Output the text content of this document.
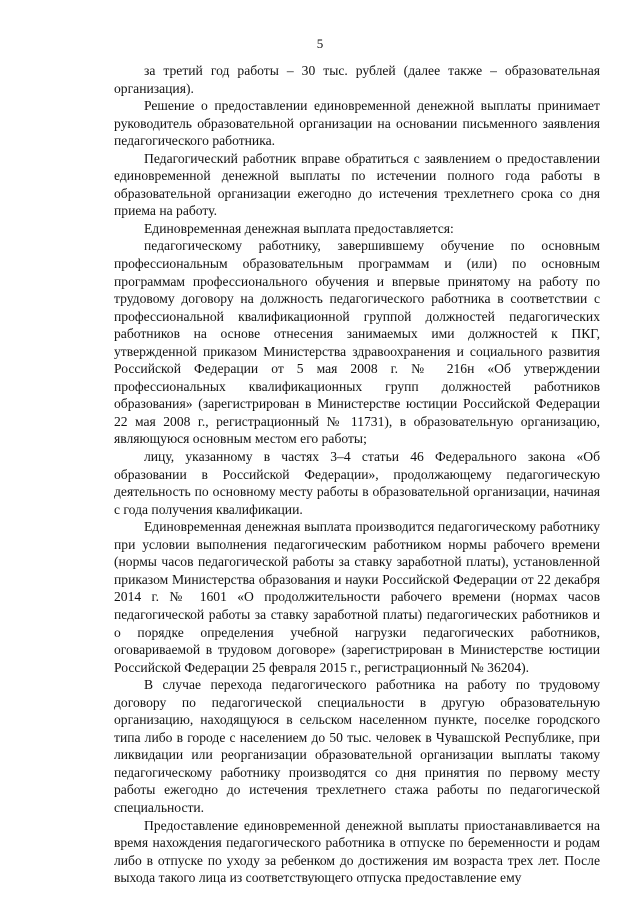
5

за третий год работы – 30 тыс. рублей (далее также – образовательная организация).

Решение о предоставлении единовременной денежной выплаты принимает руководитель образовательной организации на основании письменного заявления педагогического работника.

Педагогический работник вправе обратиться с заявлением о предоставлении единовременной денежной выплаты по истечении полного года работы в образовательной организации ежегодно до истечения трехлетнего срока со дня приема на работу.

Единовременная денежная выплата предоставляется:

педагогическому работнику, завершившему обучение по основным профессиональным образовательным программам и (или) по основным программам профессионального обучения и впервые принятому на работу по трудовому договору на должность педагогического работника в соответствии с профессиональной квалификационной группой должностей педагогических работников на основе отнесения занимаемых ими должностей к ПКГ, утвержденной приказом Министерства здравоохранения и социального развития Российской Федерации от 5 мая 2008 г. № 216н «Об утверждении профессиональных квалификационных групп должностей работников образования» (зарегистрирован в Министерстве юстиции Российской Федерации 22 мая 2008 г., регистрационный № 11731), в образовательную организацию, являющуюся основным местом его работы;

лицу, указанному в частях 3–4 статьи 46 Федерального закона «Об образовании в Российской Федерации», продолжающему педагогическую деятельность по основному месту работы в образовательной организации, начиная с года получения квалификации.

Единовременная денежная выплата производится педагогическому работнику при условии выполнения педагогическим работником нормы рабочего времени (нормы часов педагогической работы за ставку заработной платы), установленной приказом Министерства образования и науки Российской Федерации от 22 декабря 2014 г. № 1601 «О продолжительности рабочего времени (нормах часов педагогической работы за ставку заработной платы) педагогических работников и о порядке определения учебной нагрузки педагогических работников, оговариваемой в трудовом договоре» (зарегистрирован в Министерстве юстиции Российской Федерации 25 февраля 2015 г., регистрационный № 36204).

В случае перехода педагогического работника на работу по трудовому договору по педагогической специальности в другую образовательную организацию, находящуюся в сельском населенном пункте, поселке городского типа либо в городе с населением до 50 тыс. человек в Чувашской Республике, при ликвидации или реорганизации образовательной организации выплаты такому педагогическому работнику производятся со дня принятия по первому месту работы ежегодно до истечения трехлетнего стажа работы по педагогической специальности.

Предоставление единовременной денежной выплаты приостанавливается на время нахождения педагогического работника в отпуске по беременности и родам либо в отпуске по уходу за ребенком до достижения им возраста трех лет. После выхода такого лица из соответствующего отпуска предоставление ему
